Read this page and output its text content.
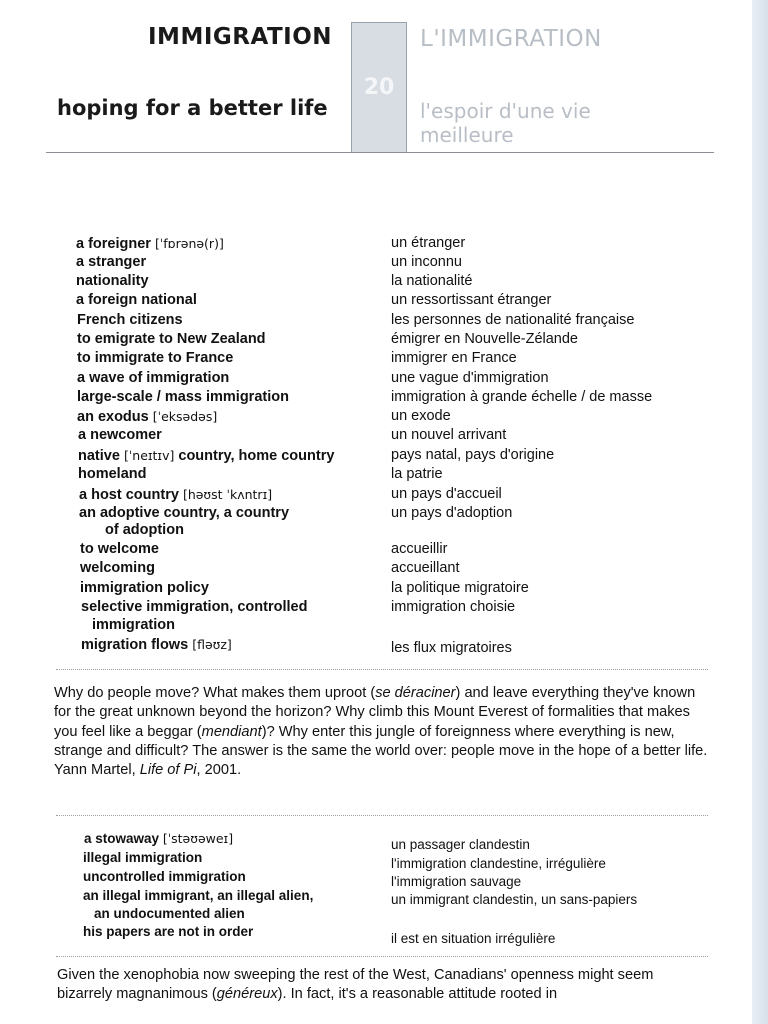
IMMIGRATION
hoping for a better life
20
L'IMMIGRATION
l'espoir d'une vie meilleure
a foreigner [ˈfɒrənə(r)]	un étranger
a stranger	un inconnu
nationality	la nationalité
a foreign national	un ressortissant étranger
French citizens	les personnes de nationalité française
to emigrate to New Zealand	émigrer en Nouvelle-Zélande
to immigrate to France	immigrer en France
a wave of immigration	une vague d'immigration
large-scale / mass immigration	immigration à grande échelle / de masse
an exodus [ˈeksədəs]	un exode
a newcomer	un nouvel arrivant
native [ˈneɪtɪv] country, home country	pays natal, pays d'origine
homeland	la patrie
a host country [həʊst ˈkʌntrɪ]	un pays d'accueil
an adoptive country, a country	un pays d'adoption
of adoption
to welcome	accueillir
welcoming	accueillant
immigration policy	la politique migratoire
selective immigration, controlled	immigration choisie
immigration
migration flows [fləʊz]	les flux migratoires
Why do people move? What makes them uproot (se déraciner) and leave everything they've known for the great unknown beyond the horizon? Why climb this Mount Everest of formalities that makes you feel like a beggar (mendiant)? Why enter this jungle of foreignness where everything is new, strange and difficult? The answer is the same the world over: people move in the hope of a better life.
Yann Martel, Life of Pi, 2001.
a stowaway [ˈstəʊəweɪ]	un passager clandestin
illegal immigration	l'immigration clandestine, irrégulière
uncontrolled immigration	l'immigration sauvage
an illegal immigrant, an illegal alien,	un immigrant clandestin, un sans-papiers
an undocumented alien
his papers are not in order	il est en situation irrégulière
Given the xenophobia now sweeping the rest of the West, Canadians' openness might seem bizarrely magnanimous (généreux). In fact, it's a reasonable attitude rooted in
